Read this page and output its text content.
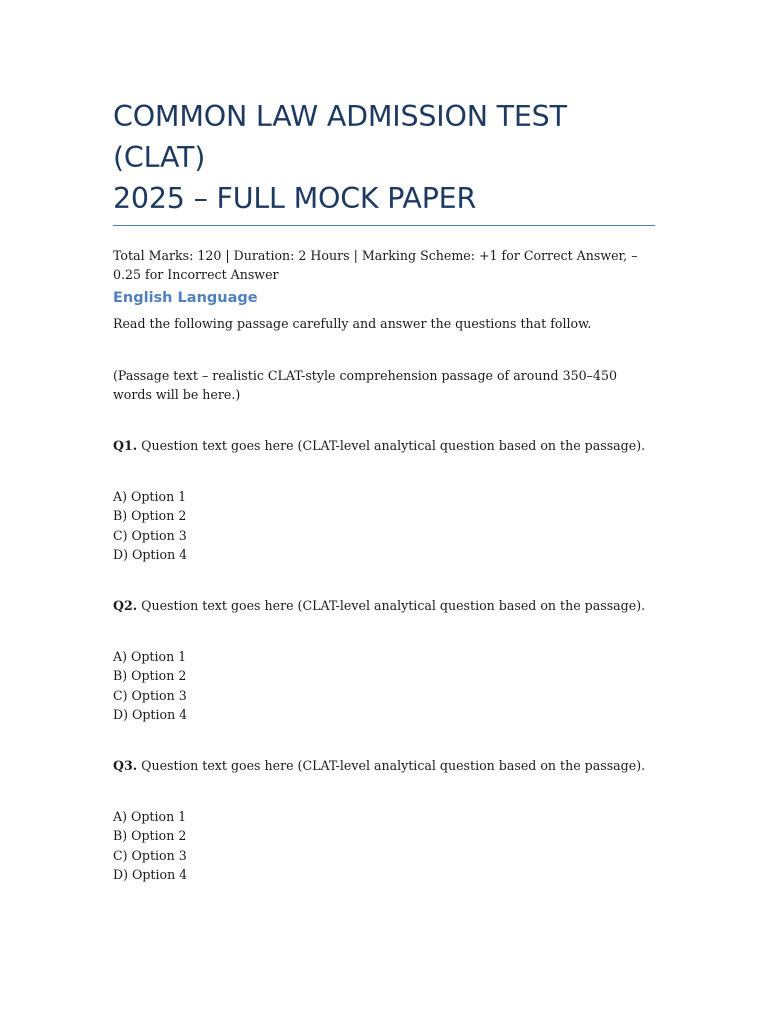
COMMON LAW ADMISSION TEST (CLAT)
2025 – FULL MOCK PAPER

Total Marks: 120 | Duration: 2 Hours | Marking Scheme: +1 for Correct Answer, –0.25 for Incorrect Answer

English Language

Read the following passage carefully and answer the questions that follow.

(Passage text – realistic CLAT-style comprehension passage of around 350–450 words will be here.)

Q1. Question text goes here (CLAT-level analytical question based on the passage).

A) Option 1
B) Option 2
C) Option 3
D) Option 4

Q2. Question text goes here (CLAT-level analytical question based on the passage).

A) Option 1
B) Option 2
C) Option 3
D) Option 4

Q3. Question text goes here (CLAT-level analytical question based on the passage).

A) Option 1
B) Option 2
C) Option 3
D) Option 4
